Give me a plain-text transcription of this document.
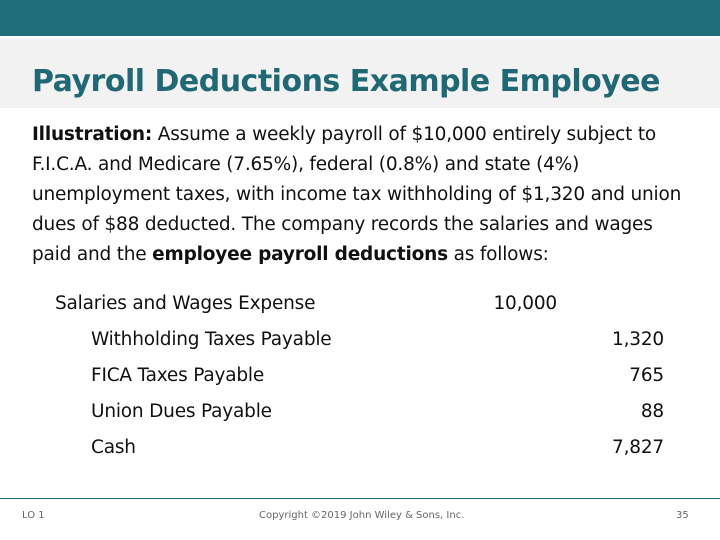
Payroll Deductions Example Employee
Illustration: Assume a weekly payroll of $10,000 entirely subject to F.I.C.A. and Medicare (7.65%), federal (0.8%) and state (4%) unemployment taxes, with income tax withholding of $1,320 and union dues of $88 deducted. The company records the salaries and wages paid and the employee payroll deductions as follows:
Salaries and Wages Expense	10,000
Withholding Taxes Payable	1,320
FICA Taxes Payable	765
Union Dues Payable	88
Cash	7,827
LO 1	Copyright ©2019 John Wiley & Sons, Inc.	35
